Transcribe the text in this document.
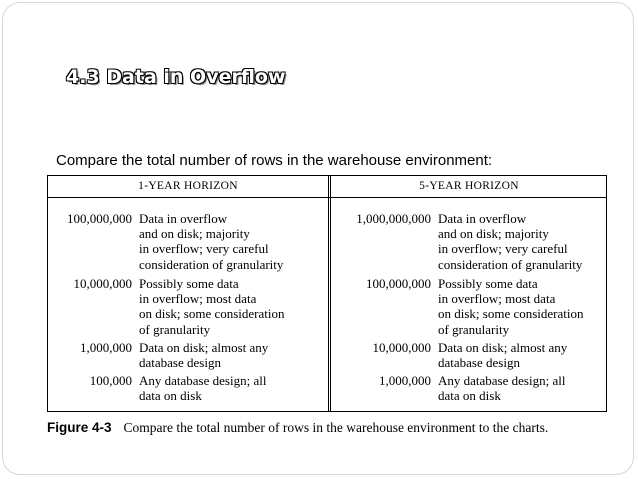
4.3 Data in Overflow
Compare the total number of rows in the warehouse environment:
1-YEAR HORIZON	5-YEAR HORIZON
100,000,000 Data in overflow
and on disk; majority
in overflow; very careful
consideration of granularity
10,000,000 Possibly some data
in overflow; most data
on disk; some consideration
of granularity
1,000,000 Data on disk; almost any
database design
100,000 Any database design; all
data on disk
1,000,000,000 Data in overflow
and on disk; majority
in overflow; very careful
consideration of granularity
100,000,000 Possibly some data
in overflow; most data
on disk; some consideration
of granularity
10,000,000 Data on disk; almost any
database design
1,000,000 Any database design; all
data on disk
Figure 4-3 Compare the total number of rows in the warehouse environment to the charts.
